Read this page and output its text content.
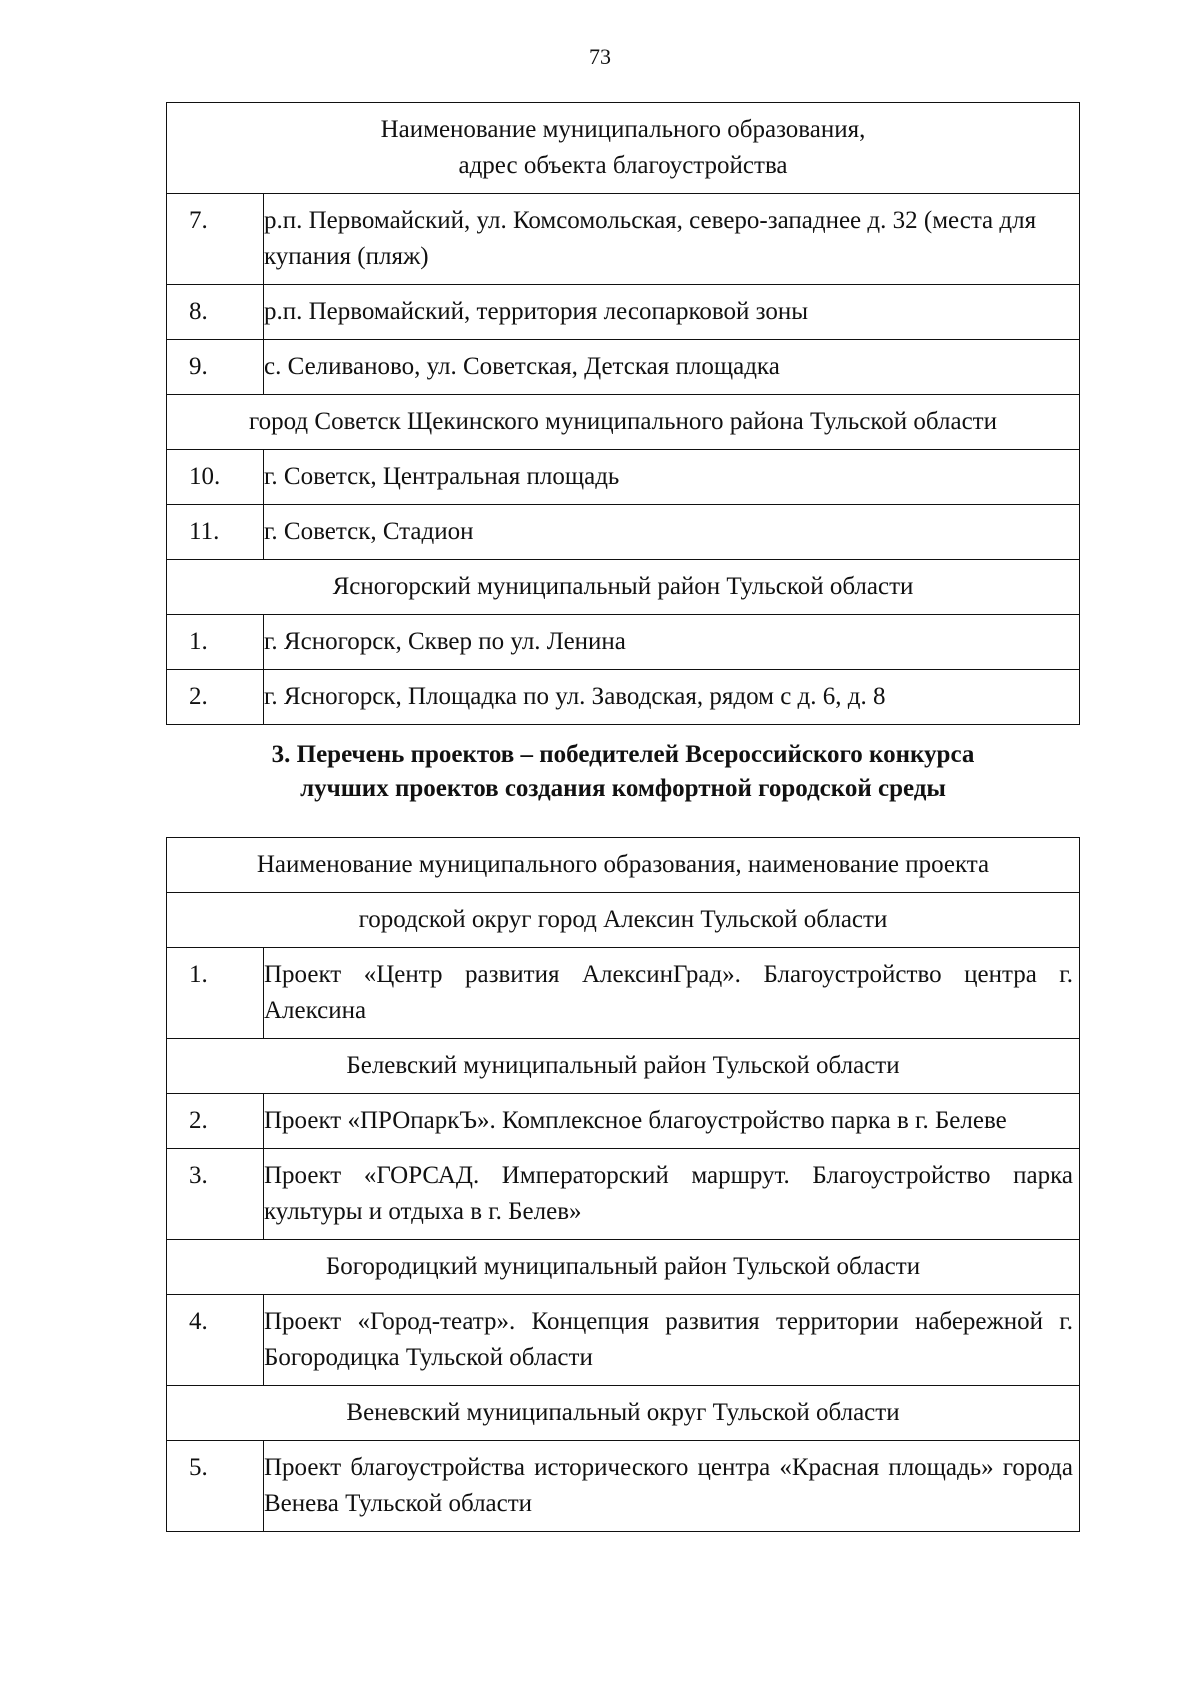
73
Наименование муниципального образования,
адрес объекта благоустройства	

7.	р.п. Первомайский, ул. Комсомольская, северо-западнее д. 32 (места для купания (пляж)
8.	р.п. Первомайский, территория лесопарковой зоны
9.	с. Селиваново, ул. Советская, Детская площадка
город Советск Щекинского муниципального района Тульской области	
10.	г. Советск, Центральная площадь
11.	г. Советск, Стадион
Ясногорский муниципальный район Тульской области	
1.	г. Ясногорск, Сквер по ул. Ленина
2.	г. Ясногорск, Площадка по ул. Заводская, рядом с д. 6, д. 8
3. Перечень проектов – победителей Всероссийского конкурса
лучших проектов создания комфортной городской среды
Наименование муниципального образования, наименование проекта	
городской округ город Алексин Тульской области	
1.	Проект «Центр развития АлексинГрад». Благоустройство центра г. Алексина
Белевский муниципальный район Тульской области	
2.	Проект «ПРОпаркЪ». Комплексное благоустройство парка в г. Белеве
3.	Проект «ГОРСАД. Императорский маршрут. Благоустройство парка культуры и отдыха в г. Белев»
Богородицкий муниципальный район Тульской области	
4.	Проект «Город-театр». Концепция развития территории набережной г. Богородицка Тульской области
Веневский муниципальный округ Тульской области	
5.	Проект благоустройства исторического центра «Красная площадь» города Венева Тульской области
